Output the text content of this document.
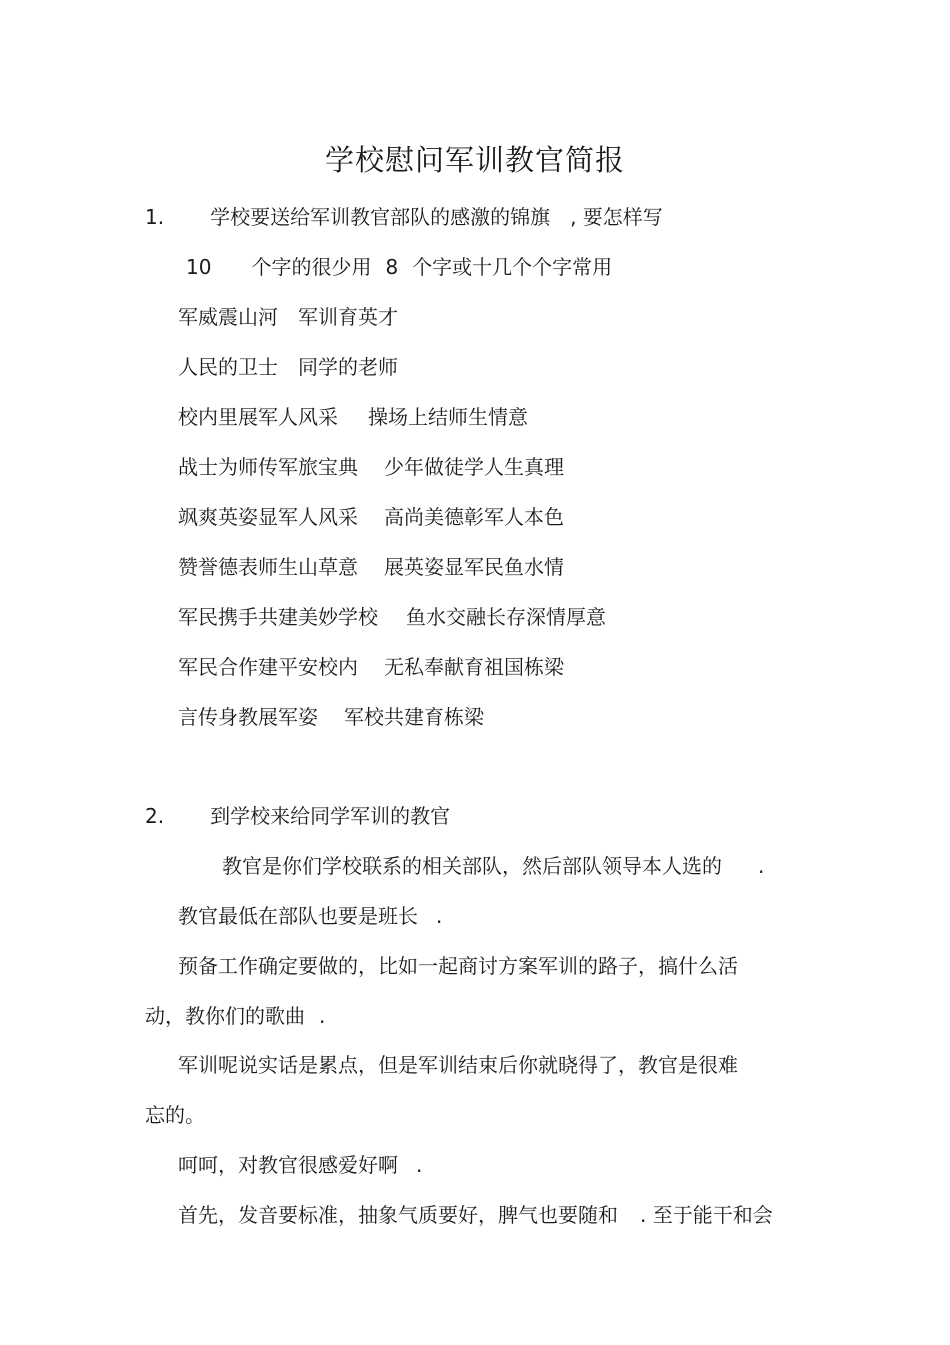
学校慰问军训教官简报
1. 学校要送给军训教官部队的感激的锦旗 , 要怎样写
10 个字的很少用 8 个字或十几个个字常用
军威震山河 军训育英才
人民的卫士 同学的老师
校内里展军人风采 操场上结师生情意
战士为师传军旅宝典 少年做徒学人生真理
飒爽英姿显军人风采 高尚美德彰军人本色
赞誉德表师生山草意 展英姿显军民鱼水情
军民携手共建美妙学校 鱼水交融长存深情厚意
军民合作建平安校内 无私奉献育祖国栋梁
言传身教展军姿 军校共建育栋梁
2. 到学校来给同学军训的教官
教官是你们学校联系的相关部队，然后部队领导本人选的 .
教官最低在部队也要是班长 .
预备工作确定要做的，比如一起商讨方案军训的路子，搞什么活
动，教你们的歌曲 .
军训呢说实话是累点，但是军训结束后你就晓得了，教官是很难
忘的。
呵呵，对教官很感爱好啊 .
首先，发音要标准，抽象气质要好，脾气也要随和 . 至于能干和会
